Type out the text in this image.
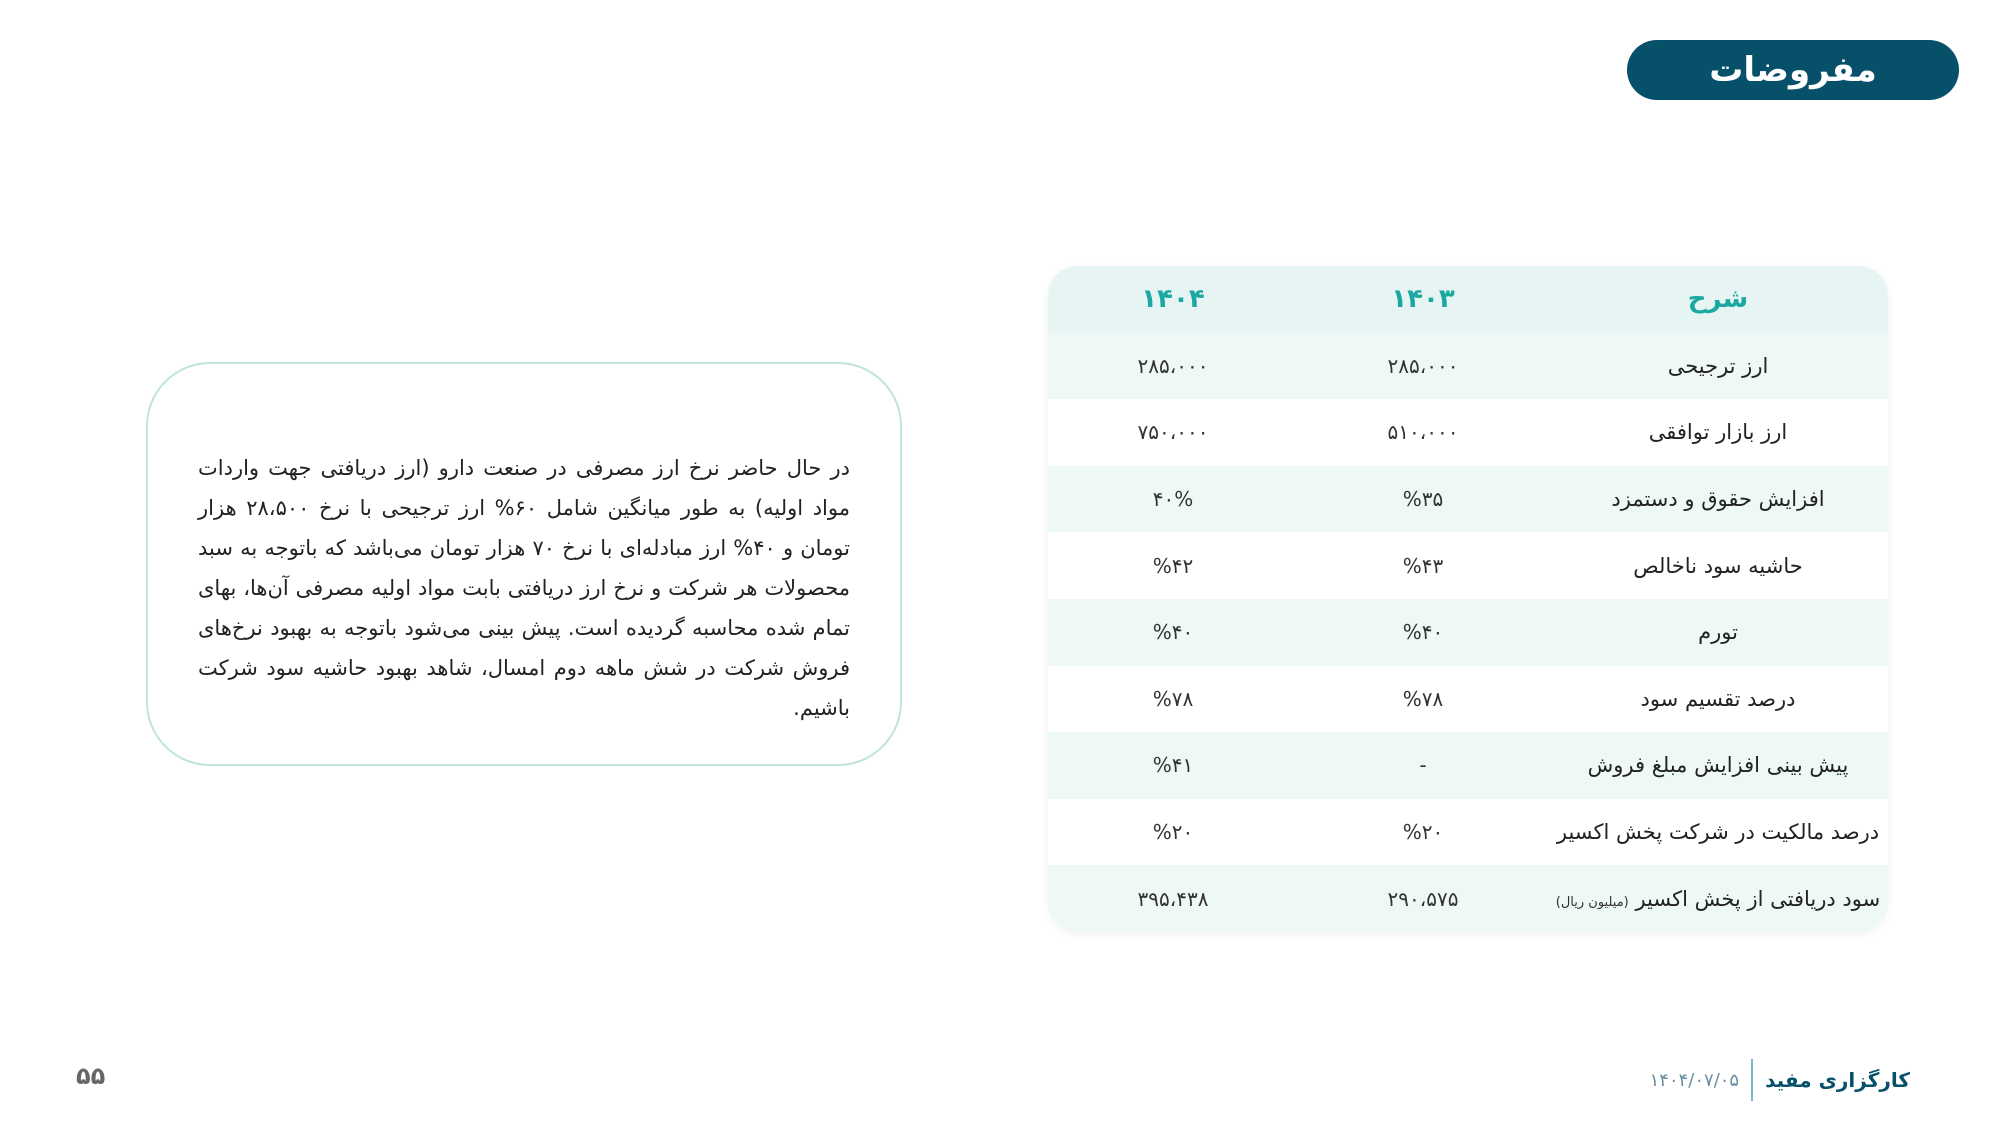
مفروضات
شرح
۱۴۰۳
۱۴۰۴
ارز ترجیحی
۲۸۵،۰۰۰
۲۸۵،۰۰۰
ارز بازار توافقی
۵۱۰،۰۰۰
۷۵۰،۰۰۰
افزایش حقوق و دستمزد
%۳۵
۴۰%
حاشیه سود ناخالص
%۴۳
%۴۲
تورم
%۴۰
%۴۰
درصد تقسیم سود
%۷۸
%۷۸
پیش بینی افزایش مبلغ فروش
-
%۴۱
درصد مالکیت در شرکت پخش اکسیر
%۲۰
%۲۰
سود دریافتی از پخش اکسیر (میلیون ریال)
۲۹۰،۵۷۵
۳۹۵،۴۳۸

در حال حاضر نرخ ارز مصرفی در صنعت دارو (ارز دریافتی جهت واردات مواد اولیه) به طور میانگین شامل ۶۰% ارز ترجیحی با نرخ ۲۸،۵۰۰ هزار تومان و ۴۰% ارز مبادله‌ای با نرخ ۷۰ هزار تومان می‌باشد که باتوجه به سبد محصولات هر شرکت و نرخ ارز دریافتی بابت مواد اولیه مصرفی آن‌ها، بهای تمام شده محاسبه گردیده است. پیش بینی می‌شود باتوجه به بهبود نرخ‌های فروش شرکت در شش ماهه دوم امسال، شاهد بهبود حاشیه سود شرکت باشیم.

۵۵	کارگزاری مفید
۱۴۰۴/۰۷/۰۵
